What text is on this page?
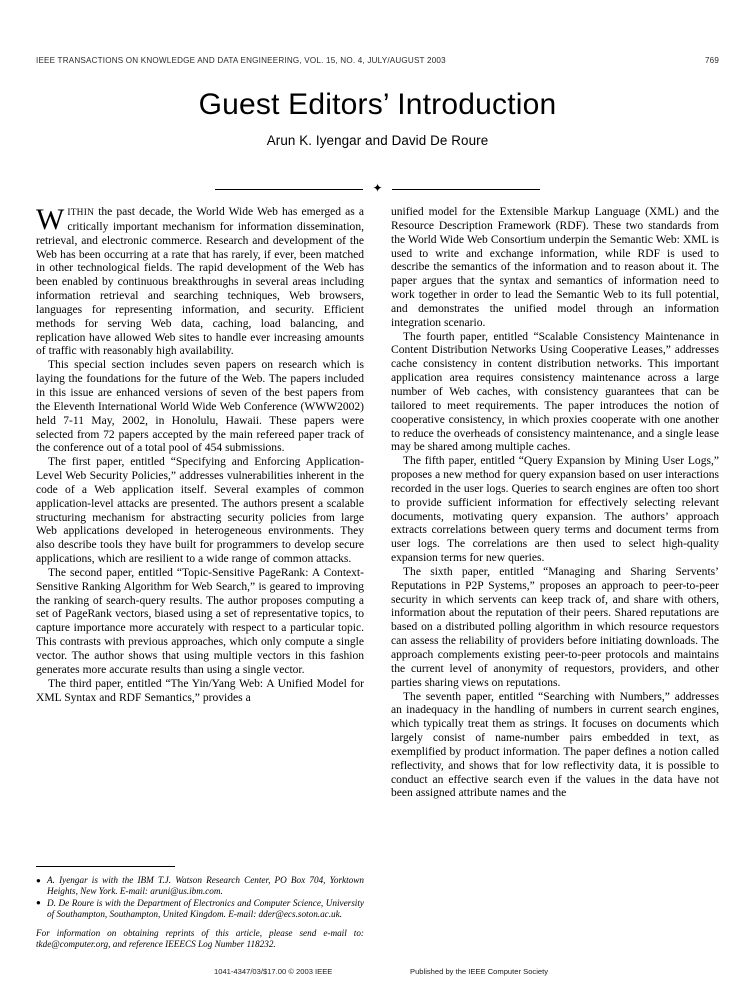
IEEE TRANSACTIONS ON KNOWLEDGE AND DATA ENGINEERING, VOL. 15, NO. 4, JULY/AUGUST 2003	769
Guest Editors’ Introduction
Arun K. Iyengar and David De Roure
✦

WITHIN the past decade, the World Wide Web has emerged as a critically important mechanism for information dissemination, retrieval, and electronic commerce. Research and development of the Web has been occurring at a rate that has rarely, if ever, been matched in other technological fields. The rapid development of the Web has been enabled by continuous breakthroughs in several areas including information retrieval and searching techniques, Web browsers, languages for representing information, and security. Efficient methods for serving Web data, caching, load balancing, and replication have allowed Web sites to handle ever increasing amounts of traffic with reasonably high availability.

This special section includes seven papers on research which is laying the foundations for the future of the Web. The papers included in this issue are enhanced versions of seven of the best papers from the Eleventh International World Wide Web Conference (WWW2002) held 7-11 May, 2002, in Honolulu, Hawaii. These papers were selected from 72 papers accepted by the main refereed paper track of the conference out of a total pool of 454 submissions.

The first paper, entitled “Specifying and Enforcing Application-Level Web Security Policies,” addresses vulnerabilities inherent in the code of a Web application itself. Several examples of common application-level attacks are presented. The authors present a scalable structuring mechanism for abstracting security policies from large Web applications developed in heterogeneous environments. They also describe tools they have built for programmers to develop secure applications, which are resilient to a wide range of common attacks.

The second paper, entitled “Topic-Sensitive PageRank: A Context-Sensitive Ranking Algorithm for Web Search,” is geared to improving the ranking of search-query results. The author proposes computing a set of PageRank vectors, biased using a set of representative topics, to capture importance more accurately with respect to a particular topic. This contrasts with previous approaches, which only compute a single vector. The author shows that using multiple vectors in this fashion generates more accurate results than using a single vector.

The third paper, entitled “The Yin/Yang Web: A Unified Model for XML Syntax and RDF Semantics,” provides a

unified model for the Extensible Markup Language (XML) and the Resource Description Framework (RDF). These two standards from the World Wide Web Consortium underpin the Semantic Web: XML is used to write and exchange information, while RDF is used to describe the semantics of the information and to reason about it. The paper argues that the syntax and semantics of information need to work together in order to lead the Semantic Web to its full potential, and demonstrates the unified model through an information integration scenario.

The fourth paper, entitled “Scalable Consistency Maintenance in Content Distribution Networks Using Cooperative Leases,” addresses cache consistency in content distribution networks. This important application area requires consistency maintenance across a large number of Web caches, with consistency guarantees that can be tailored to meet requirements. The paper introduces the notion of cooperative consistency, in which proxies cooperate with one another to reduce the overheads of consistency maintenance, and a single lease may be shared among multiple caches.

The fifth paper, entitled “Query Expansion by Mining User Logs,” proposes a new method for query expansion based on user interactions recorded in the user logs. Queries to search engines are often too short to provide sufficient information for effectively selecting relevant documents, motivating query expansion. The authors’ approach extracts correlations between query terms and document terms from user logs. The correlations are then used to select high-quality expansion terms for new queries.

The sixth paper, entitled “Managing and Sharing Servents’ Reputations in P2P Systems,” proposes an approach to peer-to-peer security in which servents can keep track of, and share with others, information about the reputation of their peers. Shared reputations are based on a distributed polling algorithm in which resource requestors can assess the reliability of providers before initiating downloads. The approach complements existing peer-to-peer protocols and maintains the current level of anonymity of requestors, providers, and other parties sharing views on reputations.

The seventh paper, entitled “Searching with Numbers,” addresses an inadequacy in the handling of numbers in current search engines, which typically treat them as strings. It focuses on documents which largely consist of name-number pairs embedded in text, as exemplified by product information. The paper defines a notion called reflectivity, and shows that for low reflectivity data, it is possible to conduct an effective search even if the values in the data have not been assigned attribute names and the

● A. Iyengar is with the IBM T.J. Watson Research Center, PO Box 704, Yorktown Heights, New York. E-mail: aruni@us.ibm.com.
● D. De Roure is with the Department of Electronics and Computer Science, University of Southampton, Southampton, United Kingdom. E-mail: dder@ecs.soton.ac.uk.

For information on obtaining reprints of this article, please send e-mail to: tkde@computer.org, and reference IEEECS Log Number 118232.

1041-4347/03/$17.00 © 2003 IEEE	Published by the IEEE Computer Society
